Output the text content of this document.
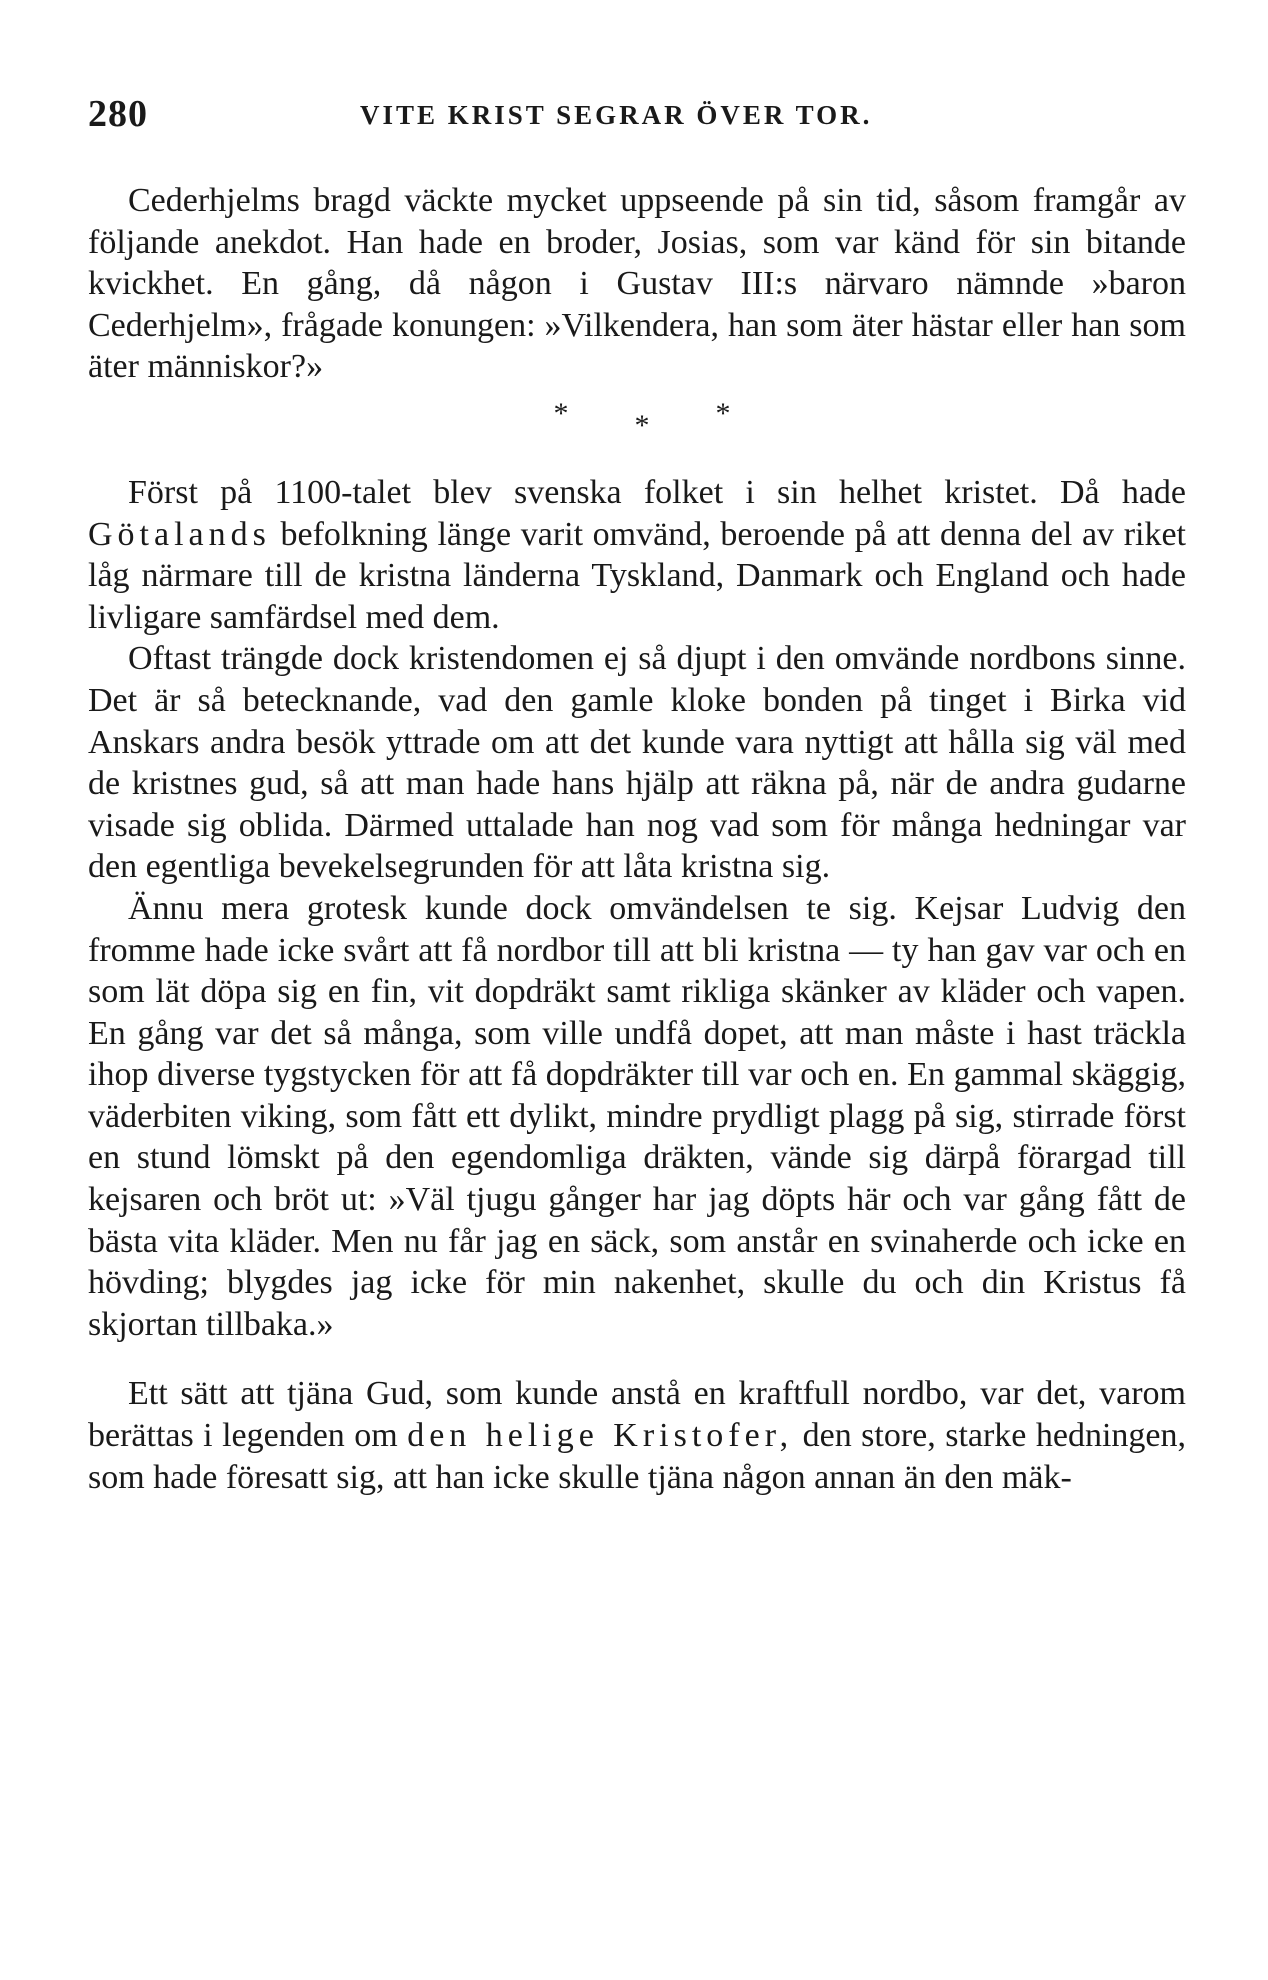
280	VITE KRIST SEGRAR ÖVER TOR.

Cederhjelms bragd väckte mycket uppseende på sin tid, såsom framgår av följande anekdot. Han hade en broder, Josias, som var känd för sin bitande kvickhet. En gång, då någon i Gustav III:s närvaro nämnde »baron Cederhjelm», frågade konungen: »Vilkendera, han som äter hästar eller han som äter människor?»

* * *

Först på 1100-talet blev svenska folket i sin helhet kristet. Då hade Götalands befolkning länge varit omvänd, beroende på att denna del av riket låg närmare till de kristna länderna Tyskland, Danmark och England och hade livligare samfärdsel med dem.

Oftast trängde dock kristendomen ej så djupt i den omvände nordbons sinne. Det är så betecknande, vad den gamle kloke bonden på tinget i Birka vid Anskars andra besök yttrade om att det kunde vara nyttigt att hålla sig väl med de kristnes gud, så att man hade hans hjälp att räkna på, när de andra gudarne visade sig oblida. Därmed uttalade han nog vad som för många hedningar var den egentliga bevekelsegrunden för att låta kristna sig.

Ännu mera grotesk kunde dock omvändelsen te sig. Kejsar Ludvig den fromme hade icke svårt att få nordbor till att bli kristna — ty han gav var och en som lät döpa sig en fin, vit dopdräkt samt rikliga skänker av kläder och vapen. En gång var det så många, som ville undfå dopet, att man måste i hast träckla ihop diverse tygstycken för att få dopdräkter till var och en. En gammal skäggig, väderbiten viking, som fått ett dylikt, mindre prydligt plagg på sig, stirrade först en stund lömskt på den egendomliga dräkten, vände sig därpå förargad till kejsaren och bröt ut: »Väl tjugu gånger har jag döpts här och var gång fått de bästa vita kläder. Men nu får jag en säck, som anstår en svinaherde och icke en hövding; blygdes jag icke för min nakenhet, skulle du och din Kristus få skjortan tillbaka.»

Ett sätt att tjäna Gud, som kunde anstå en kraftfull nordbo, var det, varom berättas i legenden om den helige Kristofer, den store, starke hedningen, som hade föresatt sig, att han icke skulle tjäna någon annan än den mäk-
